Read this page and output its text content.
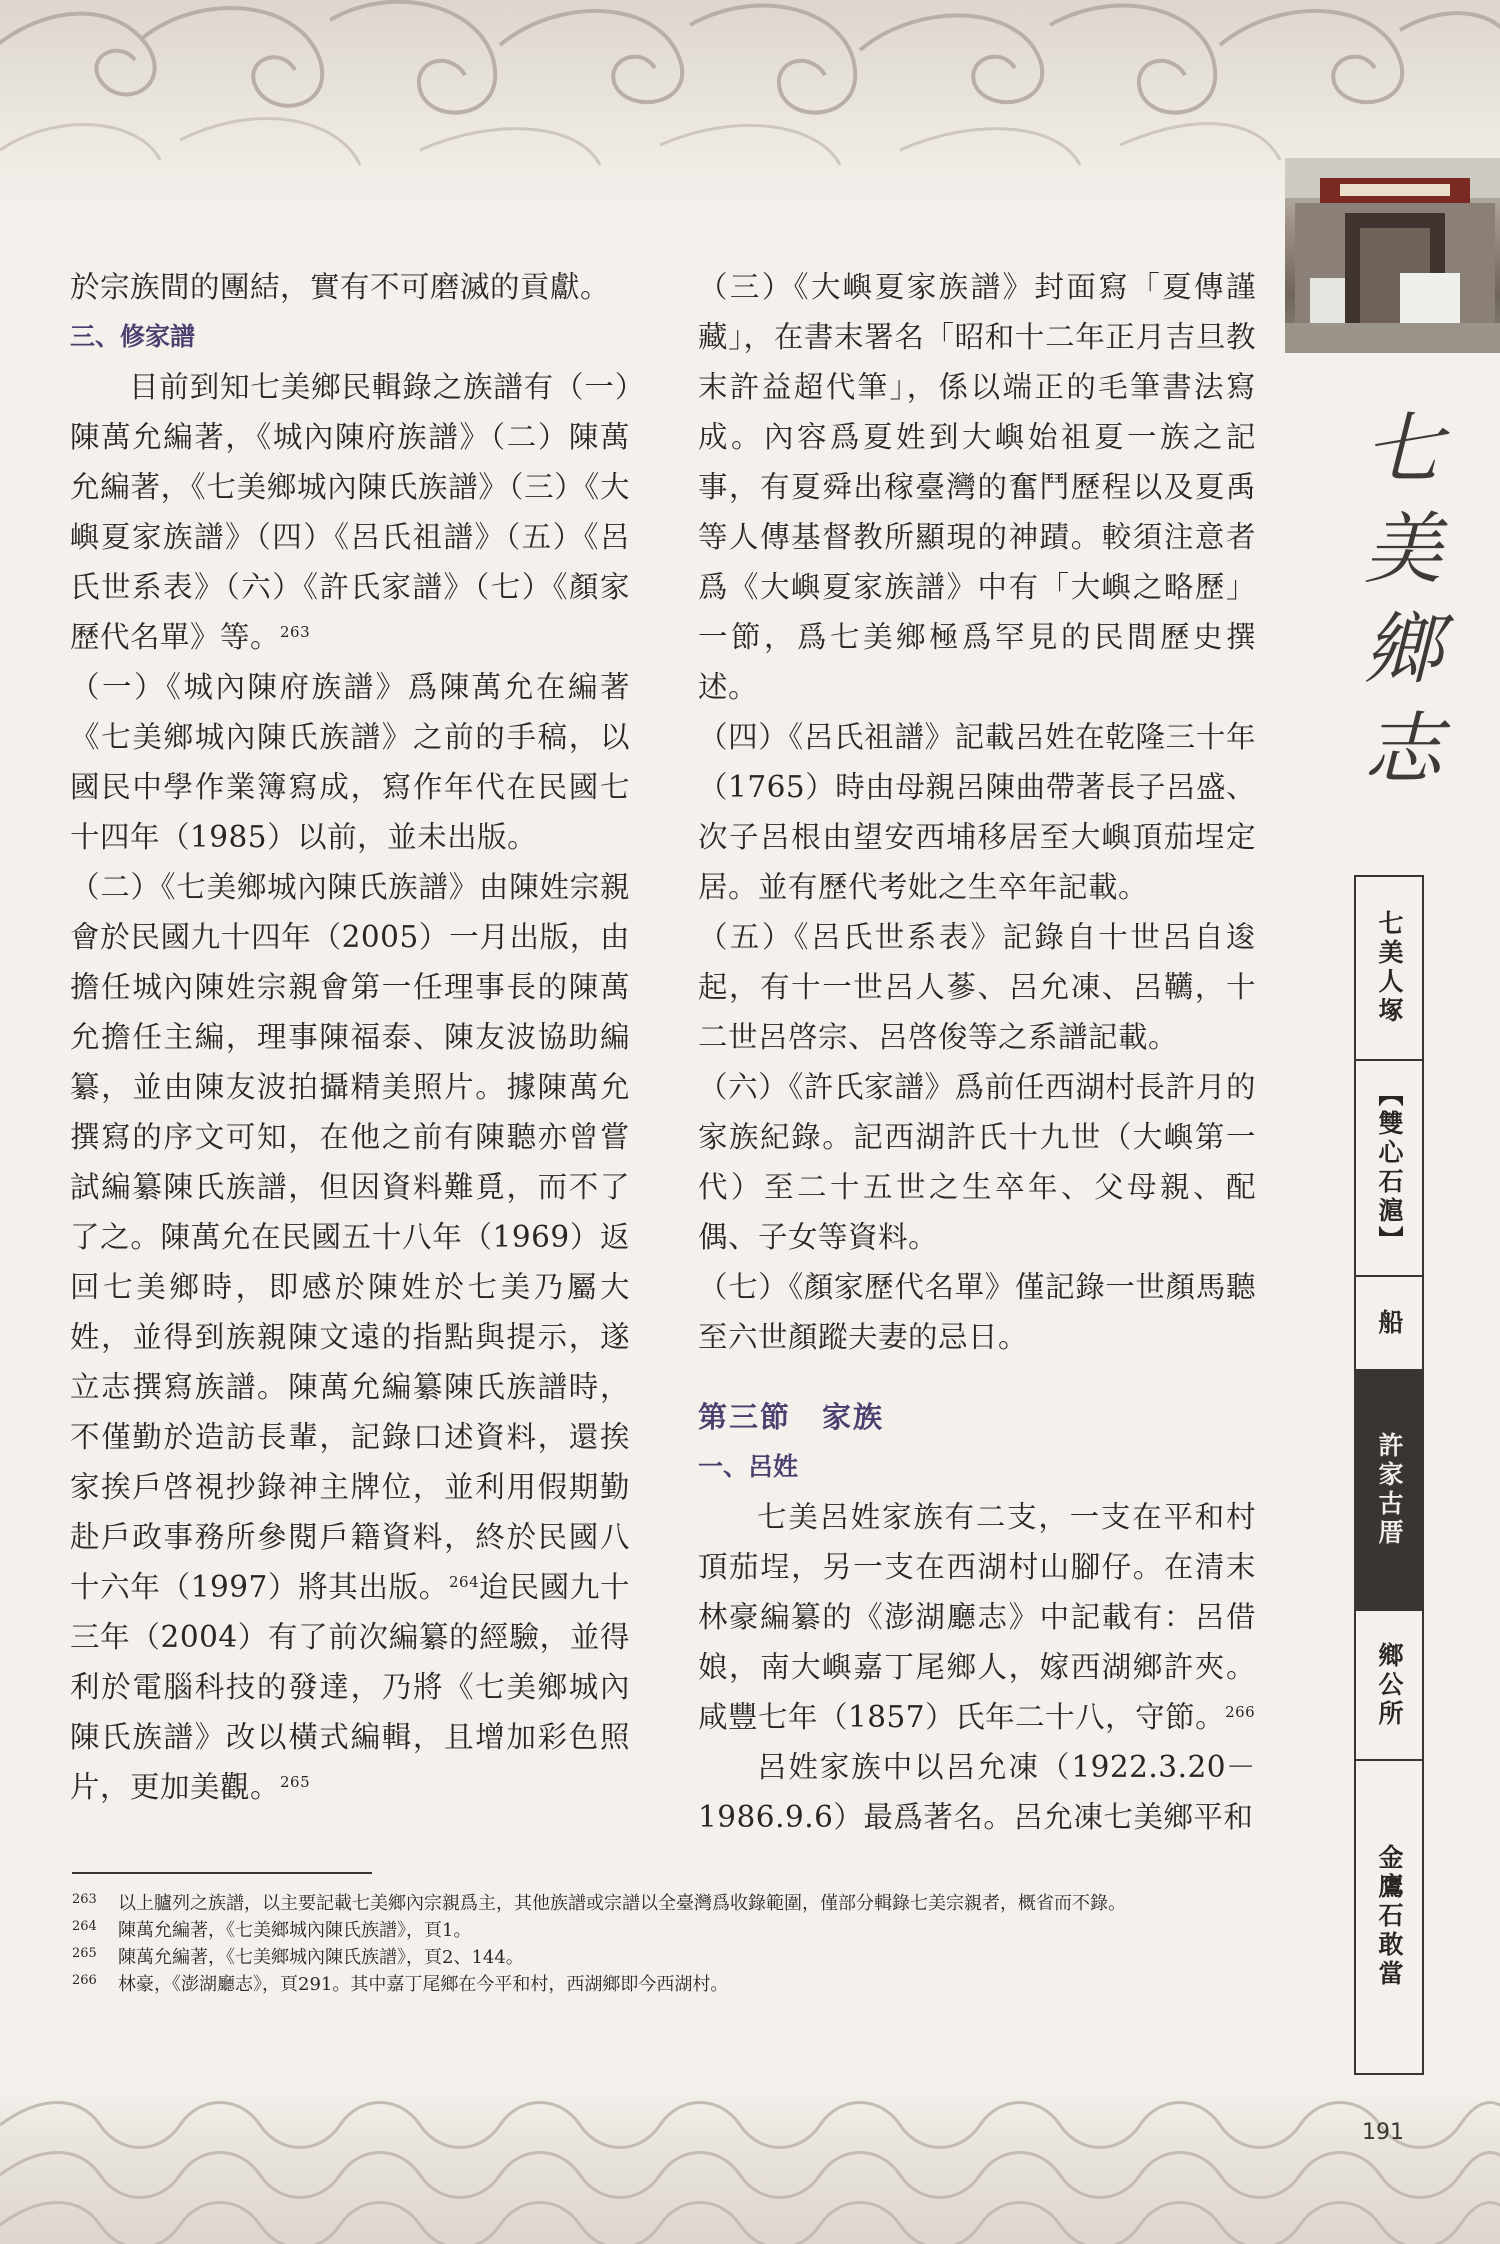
七
美
鄉
志

於宗族間的團結，實有不可磨滅的貢獻。

三、修家譜

目前到知七美鄉民輯錄之族譜有（一）陳萬允編著，《城內陳府族譜》（二）陳萬允編著，《七美鄉城內陳氏族譜》（三）《大嶼夏家族譜》（四）《呂氏祖譜》（五）《呂氏世系表》（六）《許氏家譜》（七）《顏家歷代名單》等。$^{263}$

（一）《城內陳府族譜》爲陳萬允在編著《七美鄉城內陳氏族譜》之前的手稿，以國民中學作業簿寫成，寫作年代在民國七十四年（1985）以前，並未出版。

（二）《七美鄉城內陳氏族譜》由陳姓宗親會於民國九十四年（2005）一月出版，由擔任城內陳姓宗親會第一任理事長的陳萬允擔任主編，理事陳福泰、陳友波協助編纂，並由陳友波拍攝精美照片。據陳萬允撰寫的序文可知，在他之前有陳聽亦曾嘗試編纂陳氏族譜，但因資料難覓，而不了了之。陳萬允在民國五十八年（1969）返回七美鄉時，即感於陳姓於七美乃屬大姓，並得到族親陳文遠的指點與提示，遂立志撰寫族譜。陳萬允編纂陳氏族譜時，不僅勤於造訪長輩，記錄口述資料，還挨家挨戶啓視抄錄神主牌位，並利用假期勤赴戶政事務所參閱戶籍資料，終於民國八十六年（1997）將其出版。$^{264}$迨民國九十三年（2004）有了前次編纂的經驗，並得利於電腦科技的發達，乃將《七美鄉城內陳氏族譜》改以橫式編輯，且增加彩色照片，更加美觀。$^{265}$

（三）《大嶼夏家族譜》封面寫「夏傳謹藏」，在書末署名「昭和十二年正月吉旦教末許益超代筆」，係以端正的毛筆書法寫成。內容爲夏姓到大嶼始祖夏一族之記事，有夏舜出稼臺灣的奮鬥歷程以及夏禹等人傳基督教所顯現的神蹟。較須注意者爲《大嶼夏家族譜》中有「大嶼之略歷」一節，爲七美鄉極爲罕見的民間歷史撰述。

（四）《呂氏祖譜》記載呂姓在乾隆三十年（1765）時由母親呂陳曲帶著長子呂盛、次子呂根由望安西埔移居至大嶼頂茄埕定居。並有歷代考妣之生卒年記載。

（五）《呂氏世系表》記錄自十世呂自逡起，有十一世呂人蔘、呂允凍、呂韉，十二世呂啓宗、呂啓俊等之系譜記載。

（六）《許氏家譜》爲前任西湖村長許月的家族紀錄。記西湖許氏十九世（大嶼第一代）至二十五世之生卒年、父母親、配偶、子女等資料。

（七）《顏家歷代名單》僅記錄一世顏馬聽至六世顏蹤夫妻的忌日。

第三節　家族

一、呂姓

七美呂姓家族有二支，一支在平和村頂茄埕，另一支在西湖村山腳仔。在清末林豪編纂的《澎湖廳志》中記載有：呂借娘，南大嶼嘉丁尾鄉人，嫁西湖鄉許夾。咸豐七年（1857）氏年二十八，守節。$^{266}$

呂姓家族中以呂允凍（1922.3.20－1986.9.6）最爲著名。呂允凍七美鄉平和

263	以上臚列之族譜，以主要記載七美鄉內宗親爲主，其他族譜或宗譜以全臺灣爲收錄範圍，僅部分輯錄七美宗親者，概省而不錄。

264	陳萬允編著，《七美鄉城內陳氏族譜》，頁1。

265	陳萬允編著，《七美鄉城內陳氏族譜》，頁2、144。

266	林豪，《澎湖廳志》，頁291。其中嘉丁尾鄉在今平和村，西湖鄉即今西湖村。

七美人塚
【雙心石滬】
船
許家古厝
鄉公所
金鷹石敢當
191
